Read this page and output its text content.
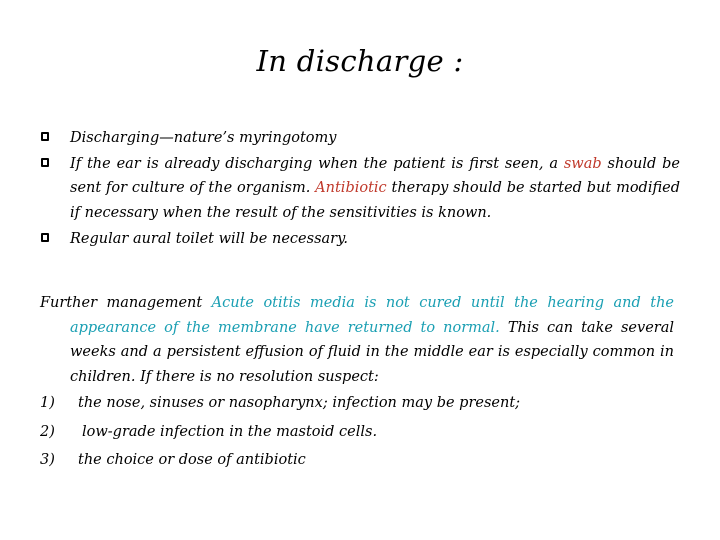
In discharge :
Discharging—nature’s myringotomy
If the ear is already discharging when the patient is first seen, a swab should be sent for culture of the organism. Antibiotic therapy should be started but modified if necessary when the result of the sensitivities is known.
Regular aural toilet will be necessary.
Further management Acute otitis media is not cured until the hearing and the appearance of the membrane have returned to normal. This can take several weeks and a persistent effusion of fluid in the middle ear is especially common in children. If there is no resolution suspect:
1)	the nose, sinuses or nasopharynx; infection may be present;
2)	low-grade infection in the mastoid cells.
3)	the choice or dose of antibiotic
